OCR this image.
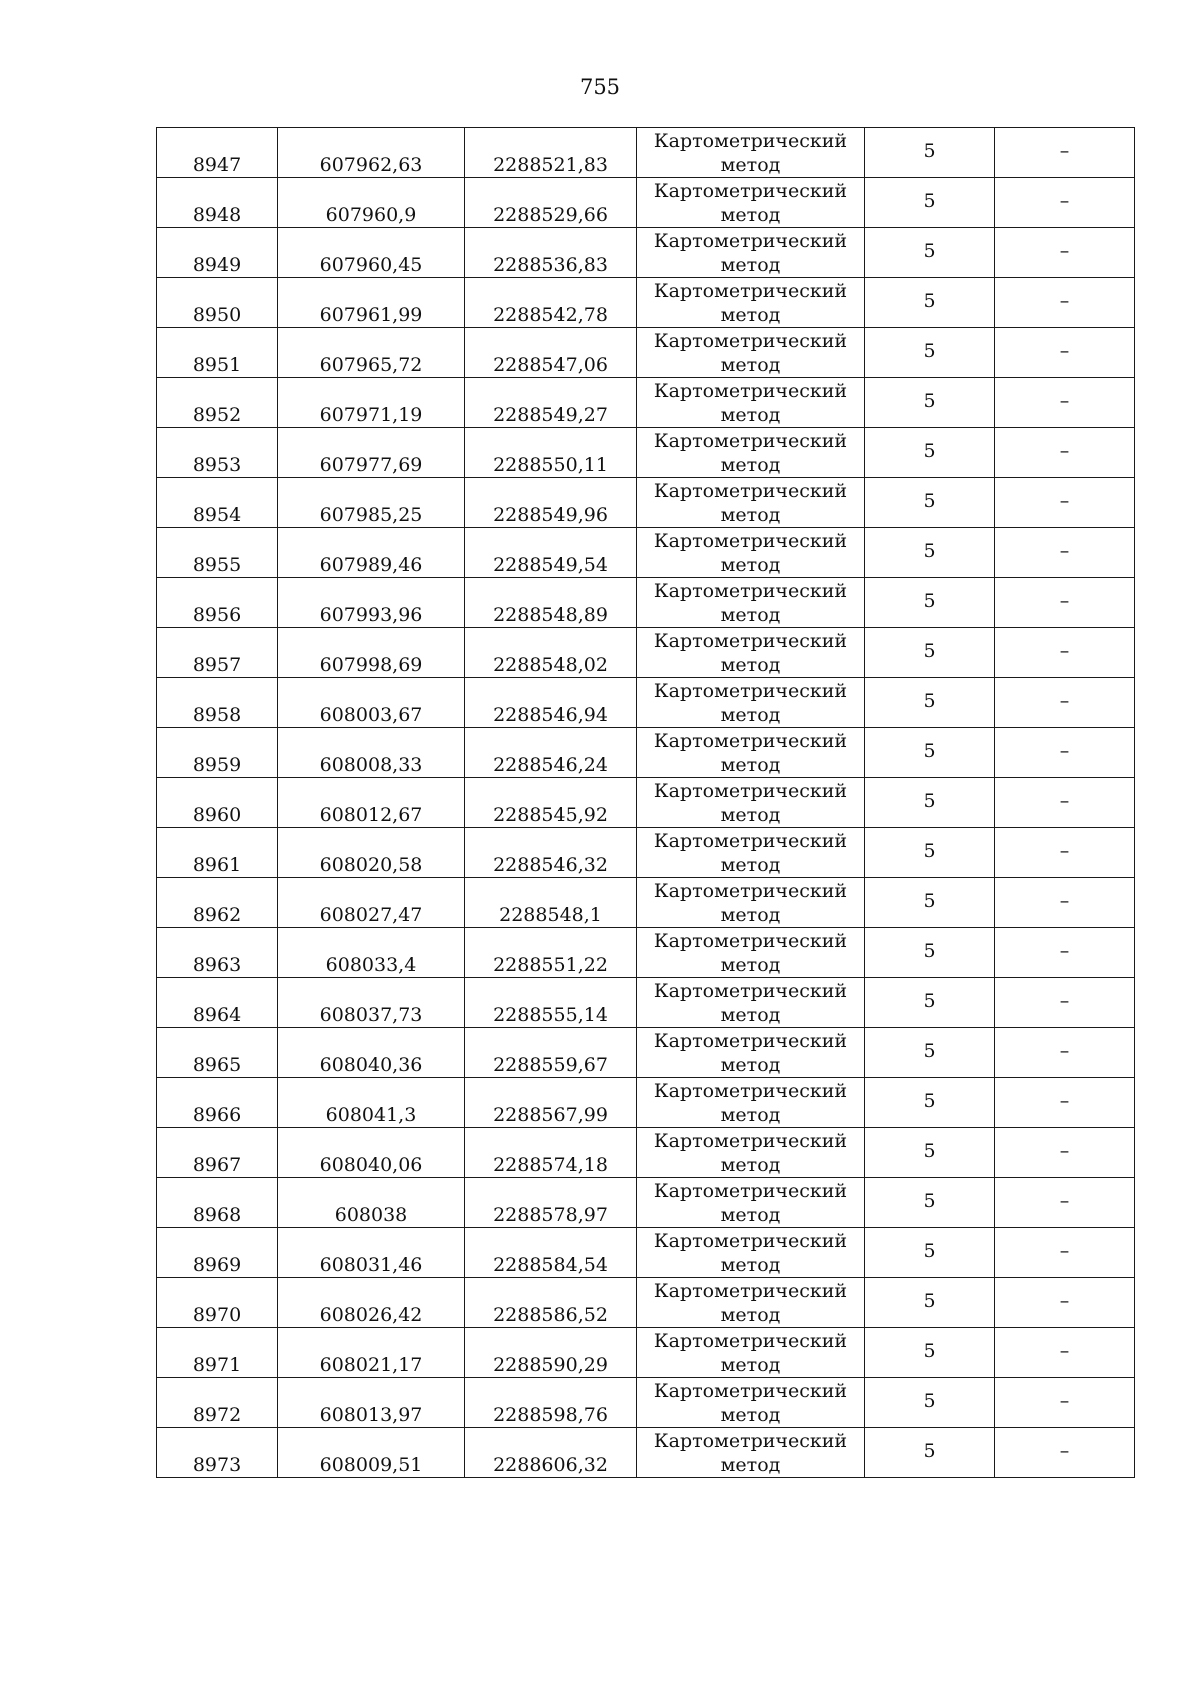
755
8947	607962,63	2288521,83	Картометрический
метод	5	–

8948	607960,9	2288529,66	Картометрический
метод	5	–

8949	607960,45	2288536,83	Картометрический
метод	5	–

8950	607961,99	2288542,78	Картометрический
метод	5	–

8951	607965,72	2288547,06	Картометрический
метод	5	–

8952	607971,19	2288549,27	Картометрический
метод	5	–

8953	607977,69	2288550,11	Картометрический
метод	5	–

8954	607985,25	2288549,96	Картометрический
метод	5	–

8955	607989,46	2288549,54	Картометрический
метод	5	–

8956	607993,96	2288548,89	Картометрический
метод	5	–

8957	607998,69	2288548,02	Картометрический
метод	5	–

8958	608003,67	2288546,94	Картометрический
метод	5	–

8959	608008,33	2288546,24	Картометрический
метод	5	–

8960	608012,67	2288545,92	Картометрический
метод	5	–

8961	608020,58	2288546,32	Картометрический
метод	5	–

8962	608027,47	2288548,1	Картометрический
метод	5	–

8963	608033,4	2288551,22	Картометрический
метод	5	–

8964	608037,73	2288555,14	Картометрический
метод	5	–

8965	608040,36	2288559,67	Картометрический
метод	5	–

8966	608041,3	2288567,99	Картометрический
метод	5	–

8967	608040,06	2288574,18	Картометрический
метод	5	–

8968	608038	2288578,97	Картометрический
метод	5	–

8969	608031,46	2288584,54	Картометрический
метод	5	–

8970	608026,42	2288586,52	Картометрический
метод	5	–

8971	608021,17	2288590,29	Картометрический
метод	5	–

8972	608013,97	2288598,76	Картометрический
метод	5	–

8973	608009,51	2288606,32	Картометрический
метод	5	–
